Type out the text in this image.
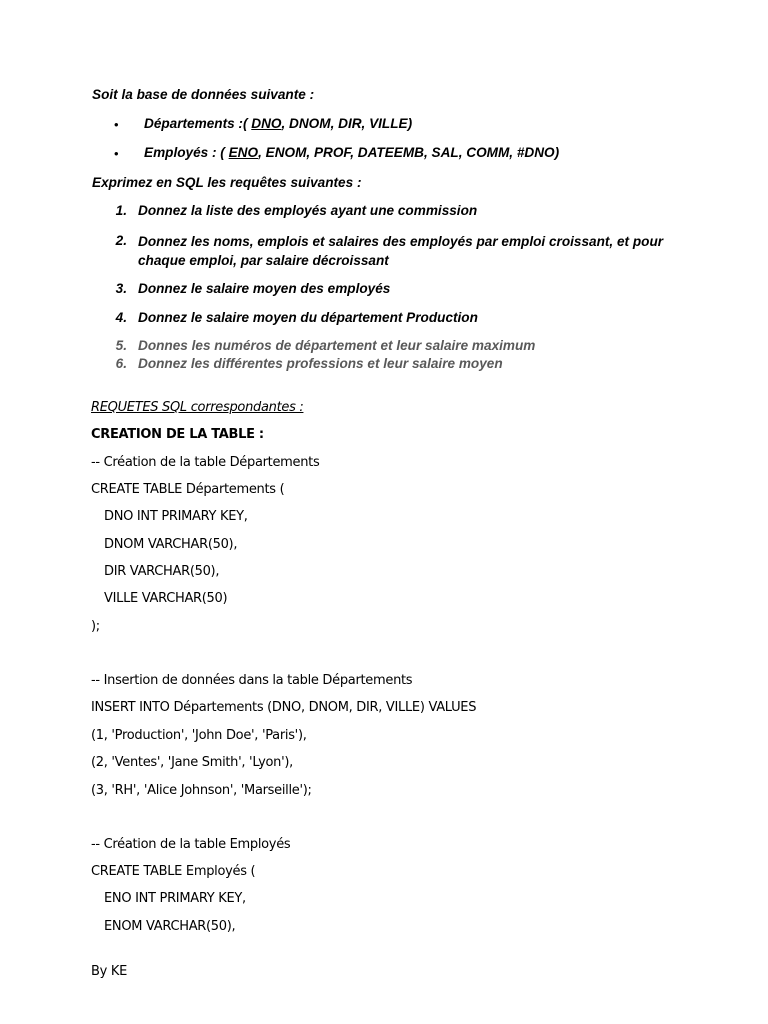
Soit la base de données suivante :
• Départements :( DNO, DNOM, DIR, VILLE)
• Employés : ( ENO, ENOM, PROF, DATEEMB, SAL, COMM, #DNO)
Exprimez en SQL les requêtes suivantes :
1. Donnez la liste des employés ayant une commission
2. Donnez les noms, emplois et salaires des employés par emploi croissant, et pour chaque emploi, par salaire décroissant
3. Donnez le salaire moyen des employés
4. Donnez le salaire moyen du département Production
5. Donnes les numéros de département et leur salaire maximum
6. Donnez les différentes professions et leur salaire moyen
REQUETES SQL correspondantes :
CREATION DE LA TABLE :
-- Création de la table Départements
CREATE TABLE Départements (
DNO INT PRIMARY KEY,
DNOM VARCHAR(50),
DIR VARCHAR(50),
VILLE VARCHAR(50)
);
-- Insertion de données dans la table Départements
INSERT INTO Départements (DNO, DNOM, DIR, VILLE) VALUES
(1, 'Production', 'John Doe', 'Paris'),
(2, 'Ventes', 'Jane Smith', 'Lyon'),
(3, 'RH', 'Alice Johnson', 'Marseille');
-- Création de la table Employés
CREATE TABLE Employés (
ENO INT PRIMARY KEY,
ENOM VARCHAR(50),
By KE
